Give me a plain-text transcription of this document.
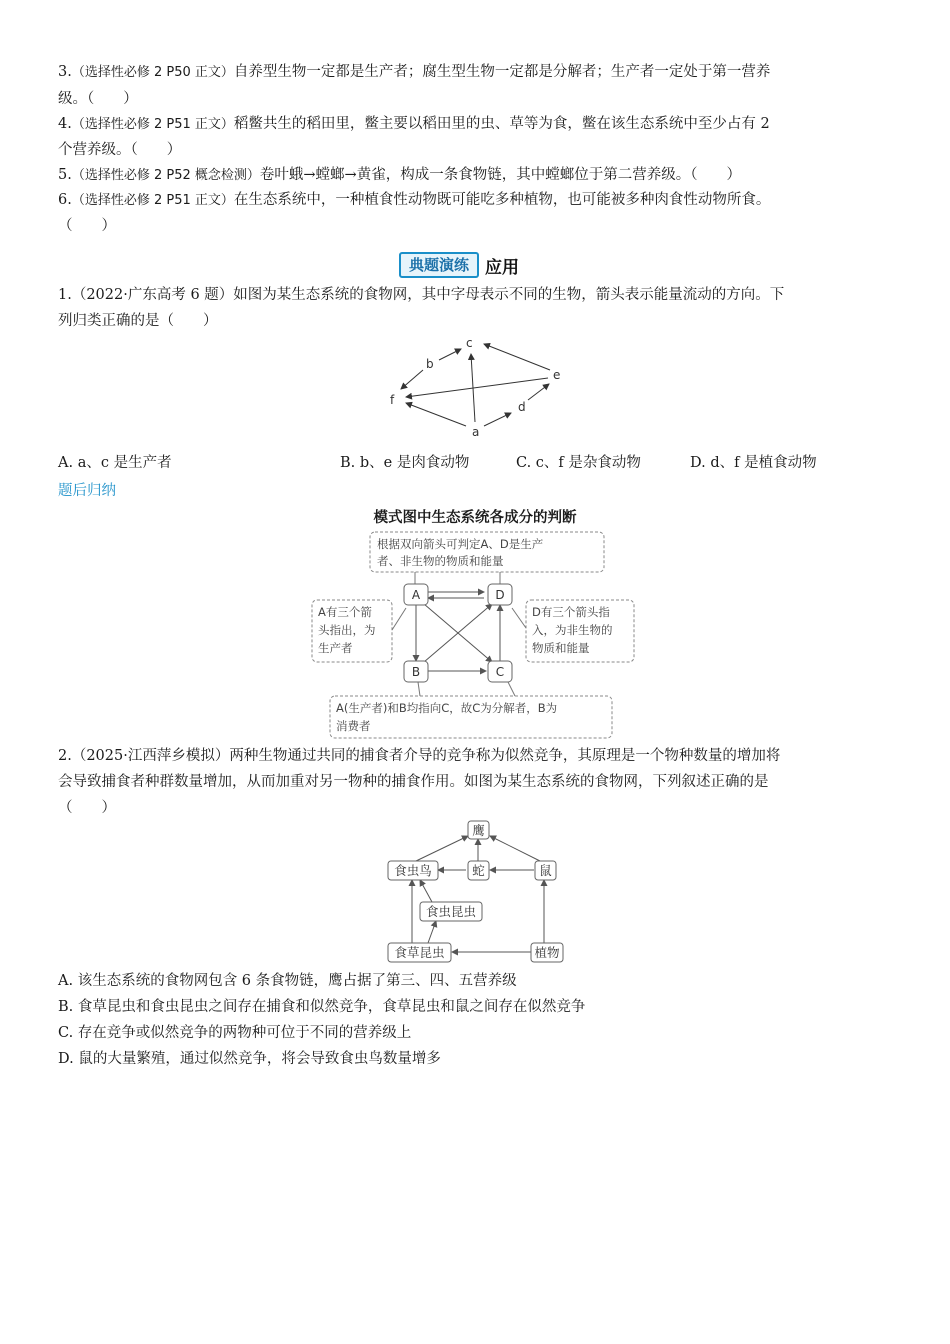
3.（选择性必修 2 P50 正文）自养型生物一定都是生产者；腐生型生物一定都是分解者；生产者一定处于第一营养
级。（　　）
4.（选择性必修 2 P51 正文）稻鳖共生的稻田里，鳖主要以稻田里的虫、草等为食，鳖在该生态系统中至少占有 2
个营养级。（　　）
5.（选择性必修 2 P52 概念检测）卷叶蛾→螳螂→黄雀，构成一条食物链，其中螳螂位于第二营养级。（　　）
6.（选择性必修 2 P51 正文）在生态系统中，一种植食性动物既可能吃多种植物，也可能被多种肉食性动物所食。
（　　）
典题演练 应用
1.（2022·广东高考 6 题）如图为某生态系统的食物网，其中字母表示不同的生物，箭头表示能量流动的方向。下
列归类正确的是（　　）
c
b
e
f	d
a
A. a、c 是生产者	B. b、e 是肉食动物	C. c、f 是杂食动物	D. d、f 是植食动物
题后归纳
模式图中生态系统各成分的判断
A	D
B	C
根据双向箭头可判定A、D是生产
者、非生物的物质和能量
A有三个箭
头指出，为
生产者
D有三个箭头指
入，为非生物的
物质和能量
A(生产者)和B均指向C，故C为分解者，B为
消费者
2.（2025·江西萍乡模拟）两种生物通过共同的捕食者介导的竞争称为似然竞争，其原理是一个物种数量的增加将
会导致捕食者种群数量增加，从而加重对另一物种的捕食作用。如图为某生态系统的食物网，下列叙述正确的是
（　　）
鹰
食虫鸟	蛇	鼠
食虫昆虫
食草昆虫	植物
A. 该生态系统的食物网包含 6 条食物链，鹰占据了第三、四、五营养级
B. 食草昆虫和食虫昆虫之间存在捕食和似然竞争，食草昆虫和鼠之间存在似然竞争
C. 存在竞争或似然竞争的两物种可位于不同的营养级上
D. 鼠的大量繁殖，通过似然竞争，将会导致食虫鸟数量增多
